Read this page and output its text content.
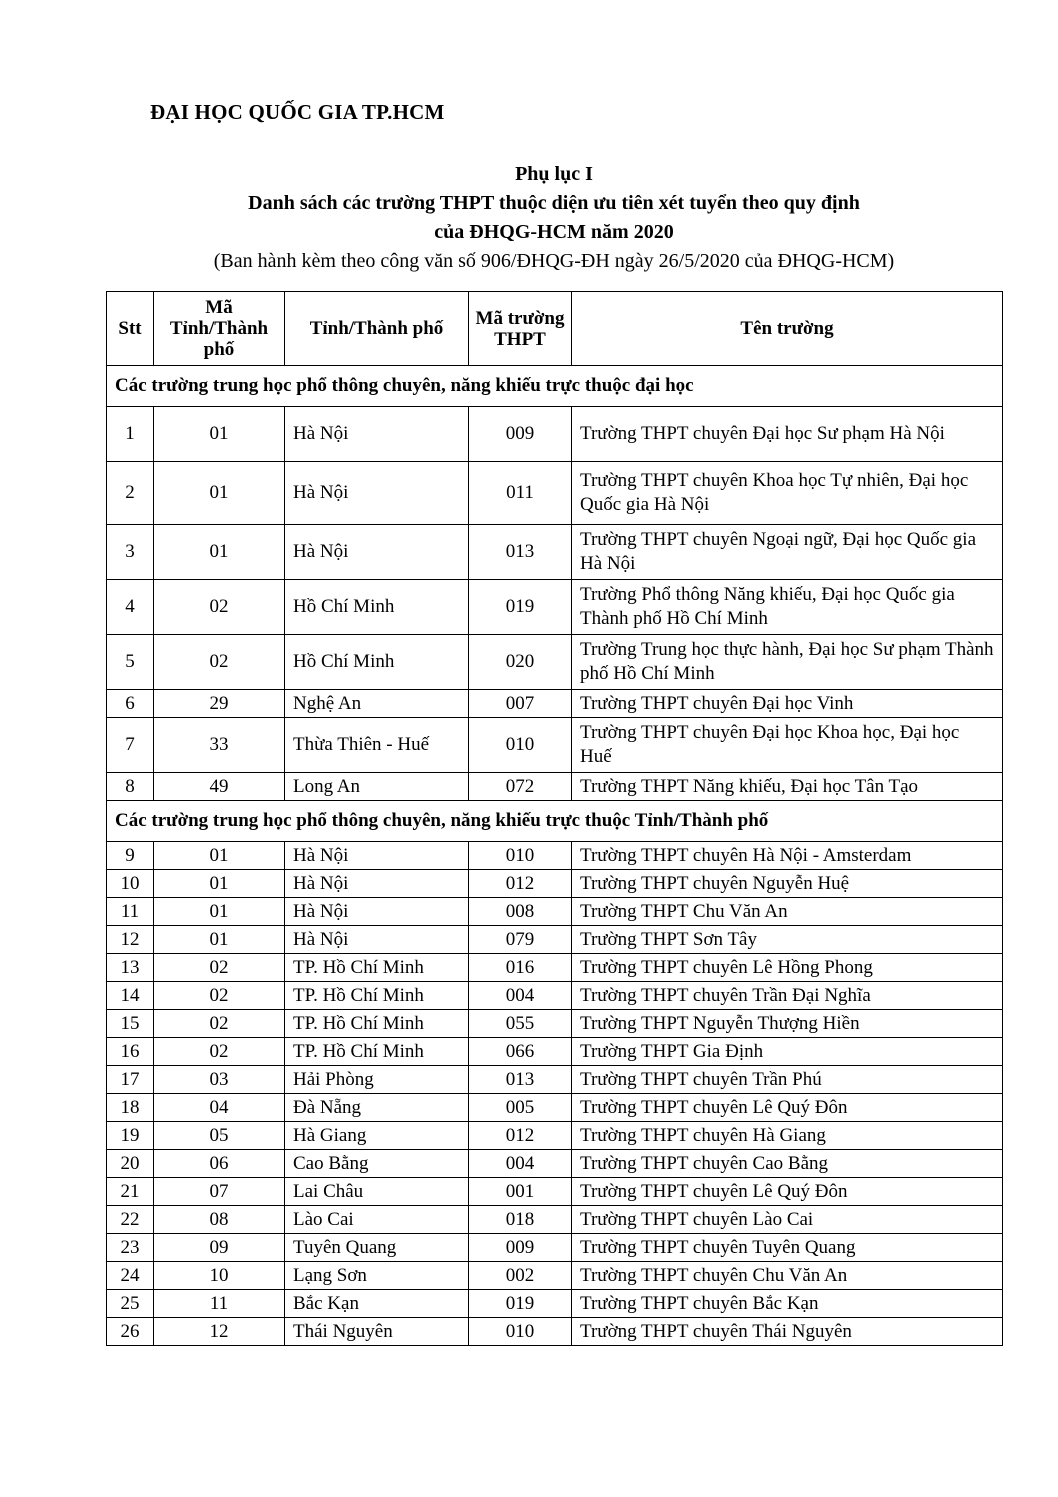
ĐẠI HỌC QUỐC GIA TP.HCM
Phụ lục I
Danh sách các trường THPT thuộc diện ưu tiên xét tuyển theo quy định
của ĐHQG-HCM năm 2020
(Ban hành kèm theo công văn số 906/ĐHQG-ĐH ngày 26/5/2020 của ĐHQG-HCM)
Stt	Mã Tỉnh/Thành phố	Tỉnh/Thành phố	Mã trường THPT	Tên trường
Các trường trung học phổ thông chuyên, năng khiếu trực thuộc đại học				
1	01	Hà Nội	009	Trường THPT chuyên Đại học Sư phạm Hà Nội
2	01	Hà Nội	011	Trường THPT chuyên Khoa học Tự nhiên, Đại học Quốc gia Hà Nội
3	01	Hà Nội	013	Trường THPT chuyên Ngoại ngữ, Đại học Quốc gia Hà Nội
4	02	Hồ Chí Minh	019	Trường Phổ thông Năng khiếu, Đại học Quốc gia Thành phố Hồ Chí Minh
5	02	Hồ Chí Minh	020	Trường Trung học thực hành, Đại học Sư phạm Thành phố Hồ Chí Minh
6	29	Nghệ An	007	Trường THPT chuyên Đại học Vinh
7	33	Thừa Thiên - Huế	010	Trường THPT chuyên Đại học Khoa học, Đại học Huế
8	49	Long An	072	Trường THPT Năng khiếu, Đại học Tân Tạo
Các trường trung học phổ thông chuyên, năng khiếu trực thuộc Tỉnh/Thành phố				
9	01	Hà Nội	010	Trường THPT chuyên Hà Nội - Amsterdam
10	01	Hà Nội	012	Trường THPT chuyên Nguyễn Huệ
11	01	Hà Nội	008	Trường THPT Chu Văn An
12	01	Hà Nội	079	Trường THPT Sơn Tây
13	02	TP. Hồ Chí Minh	016	Trường THPT chuyên Lê Hồng Phong
14	02	TP. Hồ Chí Minh	004	Trường THPT chuyên Trần Đại Nghĩa
15	02	TP. Hồ Chí Minh	055	Trường THPT Nguyễn Thượng Hiền
16	02	TP. Hồ Chí Minh	066	Trường THPT Gia Định
17	03	Hải Phòng	013	Trường THPT chuyên Trần Phú
18	04	Đà Nẵng	005	Trường THPT chuyên Lê Quý Đôn
19	05	Hà Giang	012	Trường THPT chuyên Hà Giang
20	06	Cao Bằng	004	Trường THPT chuyên Cao Bằng
21	07	Lai Châu	001	Trường THPT chuyên Lê Quý Đôn
22	08	Lào Cai	018	Trường THPT chuyên Lào Cai
23	09	Tuyên Quang	009	Trường THPT chuyên Tuyên Quang
24	10	Lạng Sơn	002	Trường THPT chuyên Chu Văn An
25	11	Bắc Kạn	019	Trường THPT chuyên Bắc Kạn
26	12	Thái Nguyên	010	Trường THPT chuyên Thái Nguyên
